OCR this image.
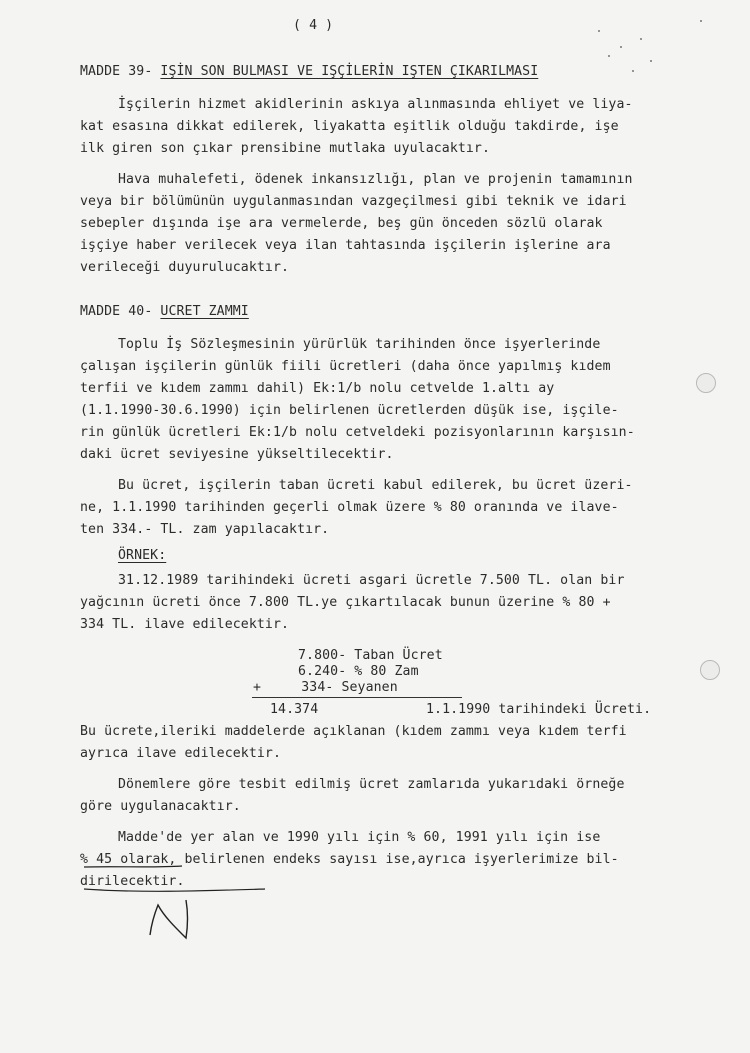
( 4 )
MADDE 39- IŞİN SON BULMASI VE IŞÇİLERİN IŞTEN ÇIKARILMASI
İşçilerin hizmet akidlerinin askıya alınmasında ehliyet ve liya-
kat esasına dikkat edilerek, liyakatta eşitlik olduğu takdirde, işe
ilk giren son çıkar prensibine mutlaka uyulacaktır.
Hava muhalefeti, ödenek inkansızlığı, plan ve projenin tamamının
veya bir bölümünün uygulanmasından vazgeçilmesi gibi teknik ve idari
sebepler dışında işe ara vermelerde, beş gün önceden sözlü olarak
işçiye haber verilecek veya ilan tahtasında işçilerin işlerine ara
verileceği duyurulucaktır.
MADDE 40- UCRET ZAMMI
Toplu İş Sözleşmesinin yürürlük tarihinden önce işyerlerinde
çalışan işçilerin günlük fiili ücretleri (daha önce yapılmış kıdem
terfii ve kıdem zammı dahil) Ek:1/b nolu cetvelde 1.altı ay
(1.1.1990-30.6.1990) için belirlenen ücretlerden düşük ise, işçile-
rin günlük ücretleri Ek:1/b nolu cetveldeki pozisyonlarının karşısın-
daki ücret seviyesine yükseltilecektir.
Bu ücret, işçilerin taban ücreti kabul edilerek, bu ücret üzeri-
ne, 1.1.1990 tarihinden geçerli olmak üzere % 80 oranında ve ilave-
ten 334.- TL. zam yapılacaktır.
ÖRNEK:
31.12.1989 tarihindeki ücreti asgari ücretle 7.500 TL. olan bir
yağcının ücreti önce 7.800 TL.ye çıkartılacak bunun üzerine % 80 +
334 TL. ilave edilecektir.
7.800- Taban Ücret
6.240- % 80 Zam
+	334- Seyanen
14.374	1.1.1990 tarihindeki Ücreti.
Bu ücrete,ileriki maddelerde açıklanan (kıdem zammı veya kıdem terfi
ayrıca ilave edilecektir.
Dönemlere göre tesbit edilmiş ücret zamlarıda yukarıdaki örneğe
göre uygulanacaktır.
Madde'de yer alan ve 1990 yılı için % 60, 1991 yılı için ise
% 45 olarak, belirlenen endeks sayısı ise,ayrıca işyerlerimize bil-
dirilecektir.
